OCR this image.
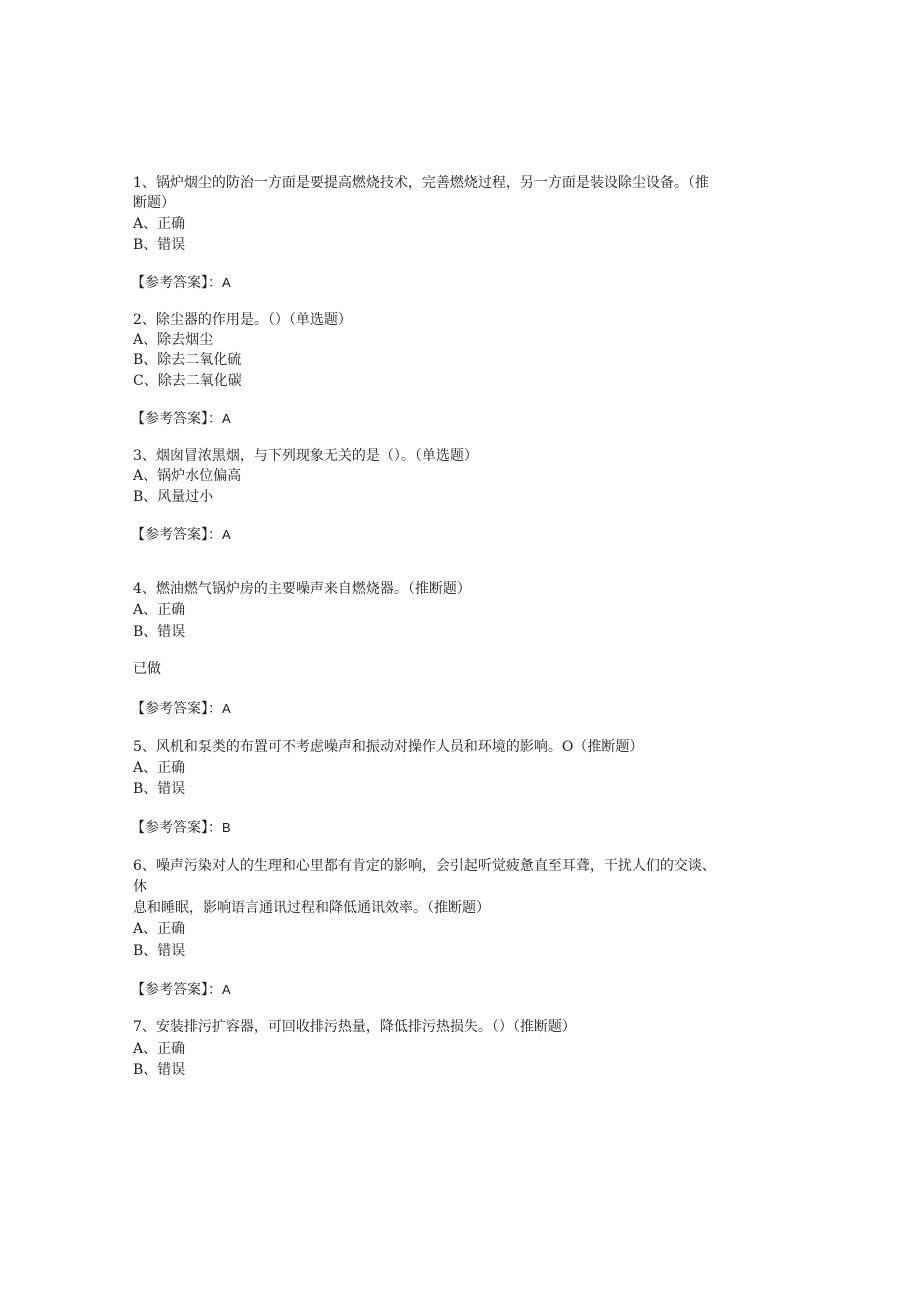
1、锅炉烟尘的防治一方面是要提高燃烧技术，完善燃烧过程，另一方面是装设除尘设备。（推
断题）
A、正确
B、错误
【参考答案】：A
2、除尘器的作用是。（）（单选题）
A、除去烟尘
B、除去二氧化硫
C、除去二氧化碳
【参考答案】：A
3、烟囱冒浓黑烟，与下列现象无关的是（）。（单选题）
A、锅炉水位偏高
B、风量过小
【参考答案】：A
4、燃油燃气锅炉房的主要噪声来自燃烧器。（推断题）
A、正确
B、错误
已做
【参考答案】：A
5、风机和泵类的布置可不考虑噪声和振动对操作人员和环境的影响。O（推断题）
A、正确
B、错误
【参考答案】：B
6、噪声污染对人的生理和心里都有肯定的影响，会引起听觉疲惫直至耳聋，干扰人们的交谈、
休
息和睡眠，影响语言通讯过程和降低通讯效率。（推断题）
A、正确
B、错误
【参考答案】：A
7、安装排污扩容器，可回收排污热量，降低排污热损失。（）（推断题）
A、正确
B、错误
